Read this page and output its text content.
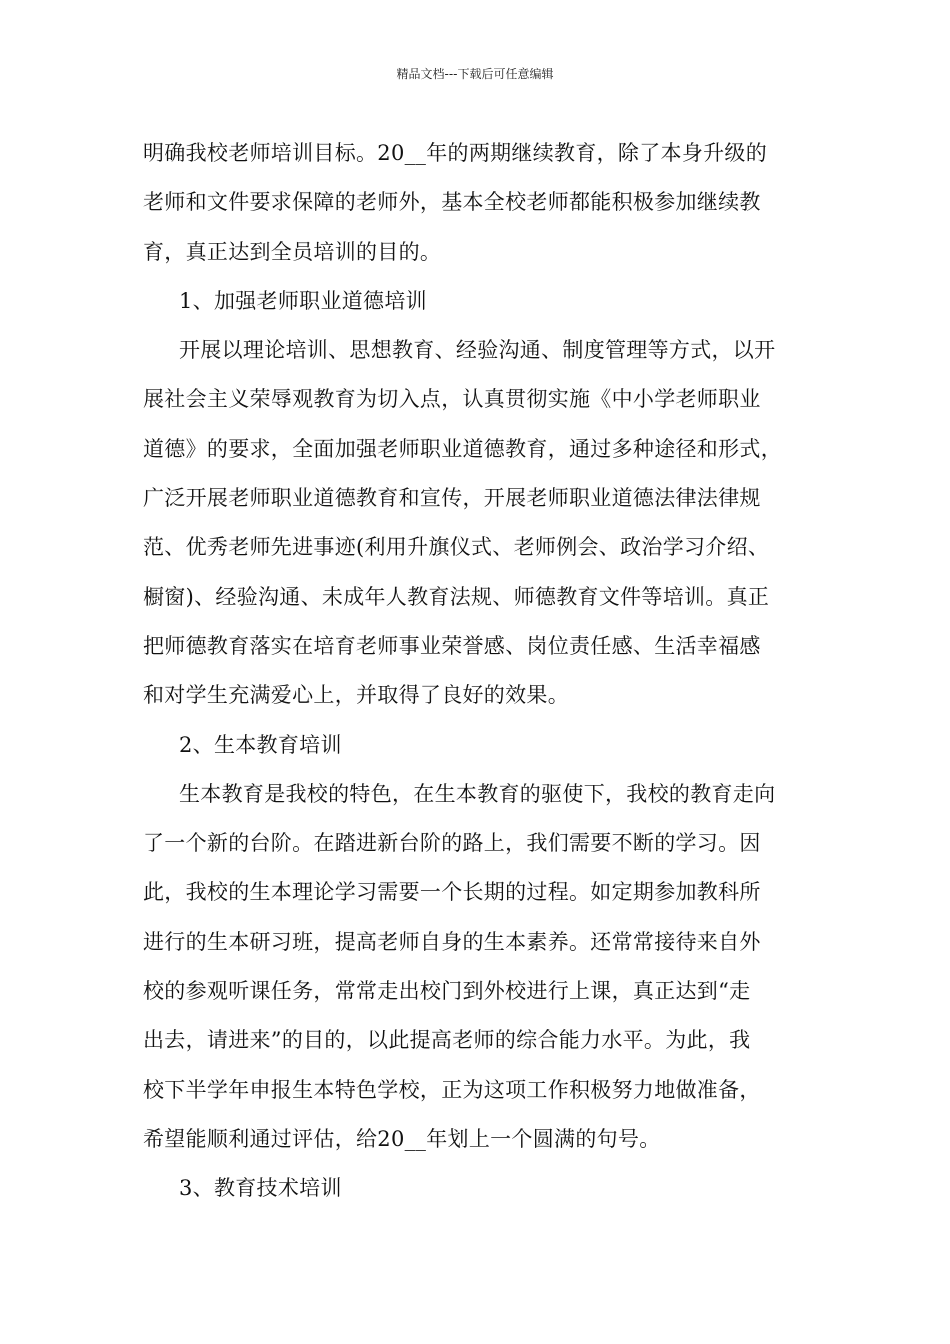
精品文档---下载后可任意编辑
明确我校老师培训目标。20__年的两期继续教育，除了本身升级的
老师和文件要求保障的老师外，基本全校老师都能积极参加继续教
育，真正达到全员培训的目的。
1、加强老师职业道德培训
开展以理论培训、思想教育、经验沟通、制度管理等方式，以开
展社会主义荣辱观教育为切入点，认真贯彻实施《中小学老师职业
道德》的要求，全面加强老师职业道德教育，通过多种途径和形式，
广泛开展老师职业道德教育和宣传，开展老师职业道德法律法律规
范、优秀老师先进事迹(利用升旗仪式、老师例会、政治学习介绍、
橱窗)、经验沟通、未成年人教育法规、师德教育文件等培训。真正
把师德教育落实在培育老师事业荣誉感、岗位责任感、生活幸福感
和对学生充满爱心上，并取得了良好的效果。
2、生本教育培训
生本教育是我校的特色，在生本教育的驱使下，我校的教育走向
了一个新的台阶。在踏进新台阶的路上，我们需要不断的学习。因
此，我校的生本理论学习需要一个长期的过程。如定期参加教科所
进行的生本研习班，提高老师自身的生本素养。还常常接待来自外
校的参观听课任务，常常走出校门到外校进行上课，真正达到“走
出去，请进来”的目的，以此提高老师的综合能力水平。为此，我
校下半学年申报生本特色学校，正为这项工作积极努力地做准备，
希望能顺利通过评估，给20__年划上一个圆满的句号。
3、教育技术培训
